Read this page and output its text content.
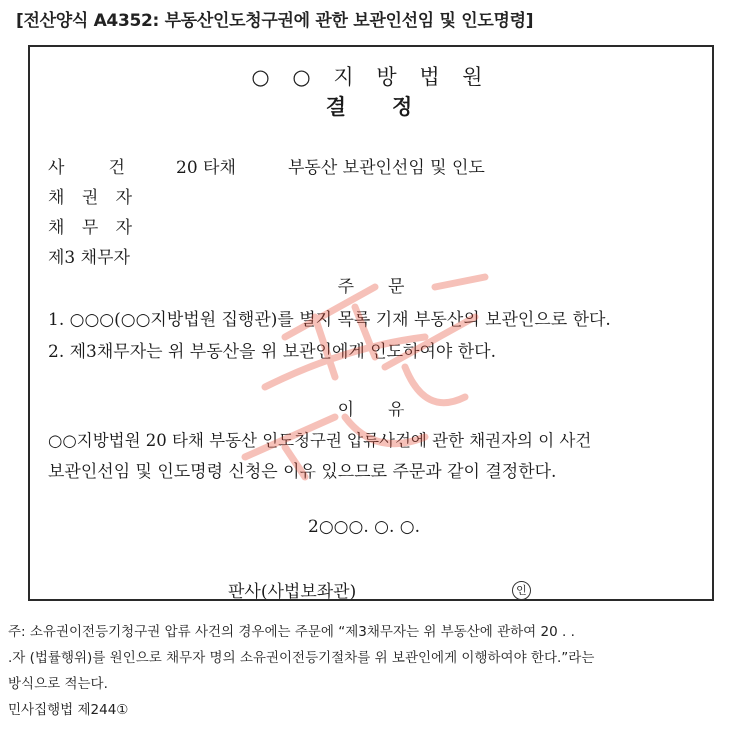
[전산양식 A4352: 부동산인도청구권에 관한 보관인선임 및 인도명령]
○ ○ 지 방 법 원
결 정
사	건	20 타채	부동산 보관인선임 및 인도
채 권 자
채 무 자
제3 채무자
주 문
1. ○○○(○○지방법원 집행관)를 별지 목록 기재 부동산의 보관인으로 한다.
2. 제3채무자는 위 부동산을 위 보관인에게 인도하여야 한다.
이 유
○○지방법원 20 타채 부동산 인도청구권 압류사건에 관한 채권자의 이 사건
보관인선임 및 인도명령 신청은 이유 있으므로 주문과 같이 결정한다.
2○○○. ○. ○.
판사(사법보좌관)	인
주: 소유권이전등기청구권 압류 사건의 경우에는 주문에 “제3채무자는 위 부동산에 관하여 20 . .
.자 (법률행위)를 원인으로 채무자 명의 소유권이전등기절차를 위 보관인에게 이행하여야 한다.”라는
방식으로 적는다.
민사집행법 제244①
